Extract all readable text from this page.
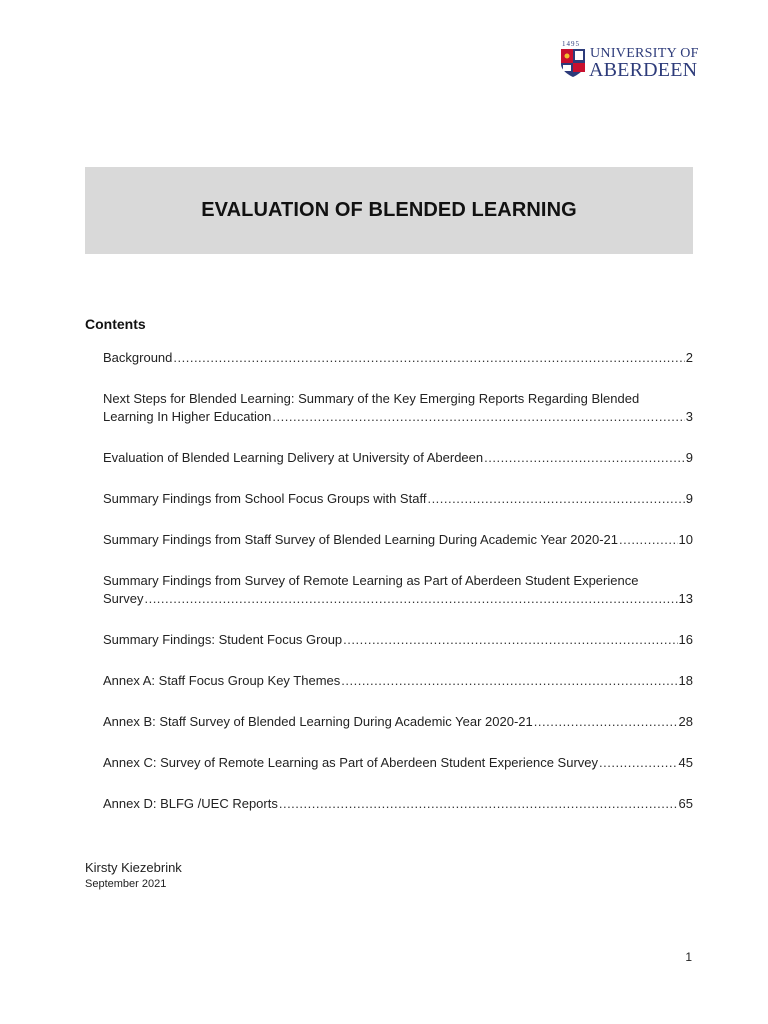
1495
UNIVERSITY OF
ABERDEEN
EVALUATION OF BLENDED LEARNING
Contents
Background .....	2
Next Steps for Blended Learning: Summary of the Key Emerging Reports Regarding Blended
Learning In Higher Education .....	3
Evaluation of Blended Learning Delivery at University of Aberdeen .....	9
Summary Findings from School Focus Groups with Staff .....	9
Summary Findings from Staff Survey of Blended Learning During Academic Year 2020-21 .....	10
Summary Findings from Survey of Remote Learning as Part of Aberdeen Student Experience
Survey .....	13
Summary Findings: Student Focus Group .....	16
Annex A: Staff Focus Group Key Themes .....	18
Annex B: Staff Survey of Blended Learning During Academic Year 2020-21 .....	28
Annex C: Survey of Remote Learning as Part of Aberdeen Student Experience Survey .....	45
Annex D: BLFG /UEC Reports .....	65
Kirsty Kiezebrink
September 2021
1
